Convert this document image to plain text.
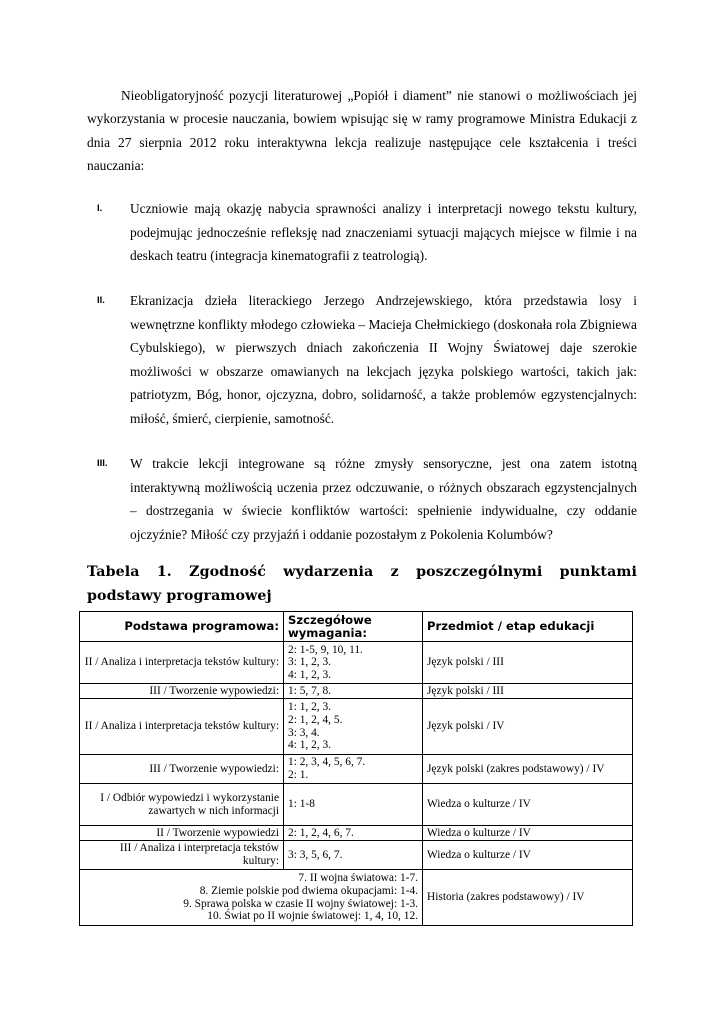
Nieobligatoryjność pozycji literaturowej „Popiół i diament” nie stanowi o możliwościach jej wykorzystania w procesie nauczania, bowiem wpisując się w ramy programowe Ministra Edukacji z dnia 27 sierpnia 2012 roku interaktywna lekcja realizuje następujące cele kształcenia i treści nauczania:

I. Uczniowie mają okazję nabycia sprawności analizy i interpretacji nowego tekstu kultury, podejmując jednocześnie refleksję nad znaczeniami sytuacji mających miejsce w filmie i na deskach teatru (integracja kinematografii z teatrologią).

II. Ekranizacja dzieła literackiego Jerzego Andrzejewskiego, która przedstawia losy i wewnętrzne konflikty młodego człowieka – Macieja Chełmickiego (doskonała rola Zbigniewa Cybulskiego), w pierwszych dniach zakończenia II Wojny Światowej daje szerokie możliwości w obszarze omawianych na lekcjach języka polskiego wartości, takich jak: patriotyzm, Bóg, honor, ojczyzna, dobro, solidarność, a także problemów egzystencjalnych: miłość, śmierć, cierpienie, samotność.

III. W trakcie lekcji integrowane są różne zmysły sensoryczne, jest ona zatem istotną interaktywną możliwością uczenia przez odczuwanie, o różnych obszarach egzystencjalnych – dostrzegania w świecie konfliktów wartości: spełnienie indywidualne, czy oddanie ojczyźnie? Miłość czy przyjaźń i oddanie pozostałym z Pokolenia Kolumbów?

Tabela 1. Zgodność wydarzenia z poszczególnymi punktami podstawy programowej

Podstawa programowa:	Szczegółowe wymagania:	Przedmiot / etap edukacji
II / Analiza i interpretacja tekstów kultury:	2: 1-5, 9, 10, 11.
3: 1, 2, 3.
4: 1, 2, 3.	Język polski / III
III / Tworzenie wypowiedzi:	1: 5, 7, 8.	Język polski / III
II / Analiza i interpretacja tekstów kultury:	1: 1, 2, 3.
2: 1, 2, 4, 5.
3: 3, 4.
4: 1, 2, 3.	Język polski / IV
III / Tworzenie wypowiedzi:	1: 2, 3, 4, 5, 6, 7.
2: 1.	Język polski (zakres podstawowy) / IV
I / Odbiór wypowiedzi i wykorzystanie zawartych w nich informacji	1: 1-8	Wiedza o kulturze / IV
II / Tworzenie wypowiedzi	2: 1, 2, 4, 6, 7.	Wiedza o kulturze / IV
III / Analiza i interpretacja tekstów kultury:	3: 3, 5, 6, 7.	Wiedza o kulturze / IV

7. II wojna światowa: 1-7.
8. Ziemie polskie pod dwiema okupacjami: 1-4.
9. Sprawa polska w czasie II wojny światowej: 1-3.
10. Świat po II wojnie światowej: 1, 4, 10, 12.		Historia (zakres podstawowy) / IV
